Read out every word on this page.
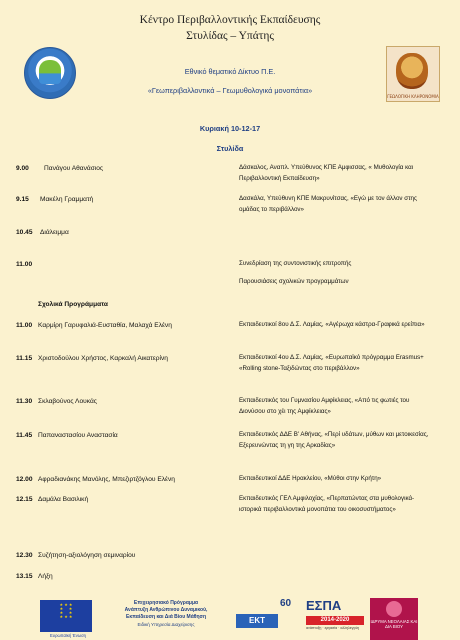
Κέντρο Περιβαλλοντικής Εκπαίδευσης
Στυλίδας – Υπάτης
ΓΕΩΛΟΓΙΚΗ ΚΛΗΡΟΝΟΜΙΑ
Εθνικό θεματικό Δίκτυο Π.Ε.
«Γεωπεριβαλλοντικά – Γεωμυθολογικά μονοπάτια»
Κυριακή 10-12-17
Στυλίδα
9.00 Πανάγου Αθανάσιος	Δάσκαλος, Αναπλ. Υπεύθυνος ΚΠΕ Αμφισσας, « Μυθολογία και Περιβαλλοντική Εκπαίδευση»
9.15 Μακέλη Γραμματή	Δασκάλα, Υπεύθυνη ΚΠΕ Μακρυνίτσας, «Εγώ με τον άλλον στης ομάδας το περιβάλλον»
10.45 Διάλειμμα
11.00	Συνεδρίαση της συντονιστικής επιτροπής
Παρουσιάσεις σχολικών προγραμμάτων
Σχολικά Προγράμματα
11.00 Καρμίρη Γαρυφαλιά-Ευσταθία, Μαλαχά Ελένη	Εκπαιδευτικοί 8ου Δ.Σ. Λαμίας, «Αγέρωχα κάστρα-Γραφικά ερείπια»
11.15 Χριστοδούλου Χρήστος, Καρκαλή Αικατερίνη	Εκπαιδευτικοί 4ου Δ.Σ. Λαμίας, «Ευρωπαϊκό πρόγραμμα Erasmus+ «Rolling stone-Ταξιδώντας στο περιβάλλον»
11.30 Σκλαβούνος Λουκάς	Εκπαιδευτικός του Γυμνασίου Αμφίκλειας, «Από τις φωτιές του Διονύσου στο χέι της Αμφίκλειας»
11.45 Παπαναστασίου Αναστασία	Εκπαιδευτικός ΔΔΕ Β' Αθήνας, «Περί υδάτων, μύθων και μετοικεσίας, Εξερευνώντας τη γη της Αρκαδίας»
12.00 Αφραδιανάκης Μανόλης, Μπεζιρτζόγλου Ελένη	Εκπαιδευτικοί ΔΔΕ Ηρακλείου, «Μύθοι στην Κρήτη»
12.15 Δαμάλα Βασιλική	Εκπαιδευτικός ΓΕΛ Αμφιλοχίας, «Περπατώντας στα μυθολογικά-ιστορικά περιβαλλοντικά μονοπάτια του οικοσυστήματος»
12.30 Συζήτηση-αξιολόγηση σεμιναρίου
13.15 Λήξη
★ ★ ★
★     ★
★     ★
★ ★ ★
Ευρωπαϊκή Ένωση
Επιχειρησιακό Πρόγραμμα
Ανάπτυξη Ανθρώπινου Δυναμικού,
Εκπαίδευση και Διά Βίου Μάθηση
Ειδική Υπηρεσία Διαχείρισης
60
ΕΚΤ
ΕΣΠΑ
2014-2020
ανάπτυξη · εργασία · αλληλεγγύη
ΙΔΡΥΜΑ ΝΕΟΛΑΙΑΣ ΚΑΙ ΔΙΑ ΒΙΟΥ
